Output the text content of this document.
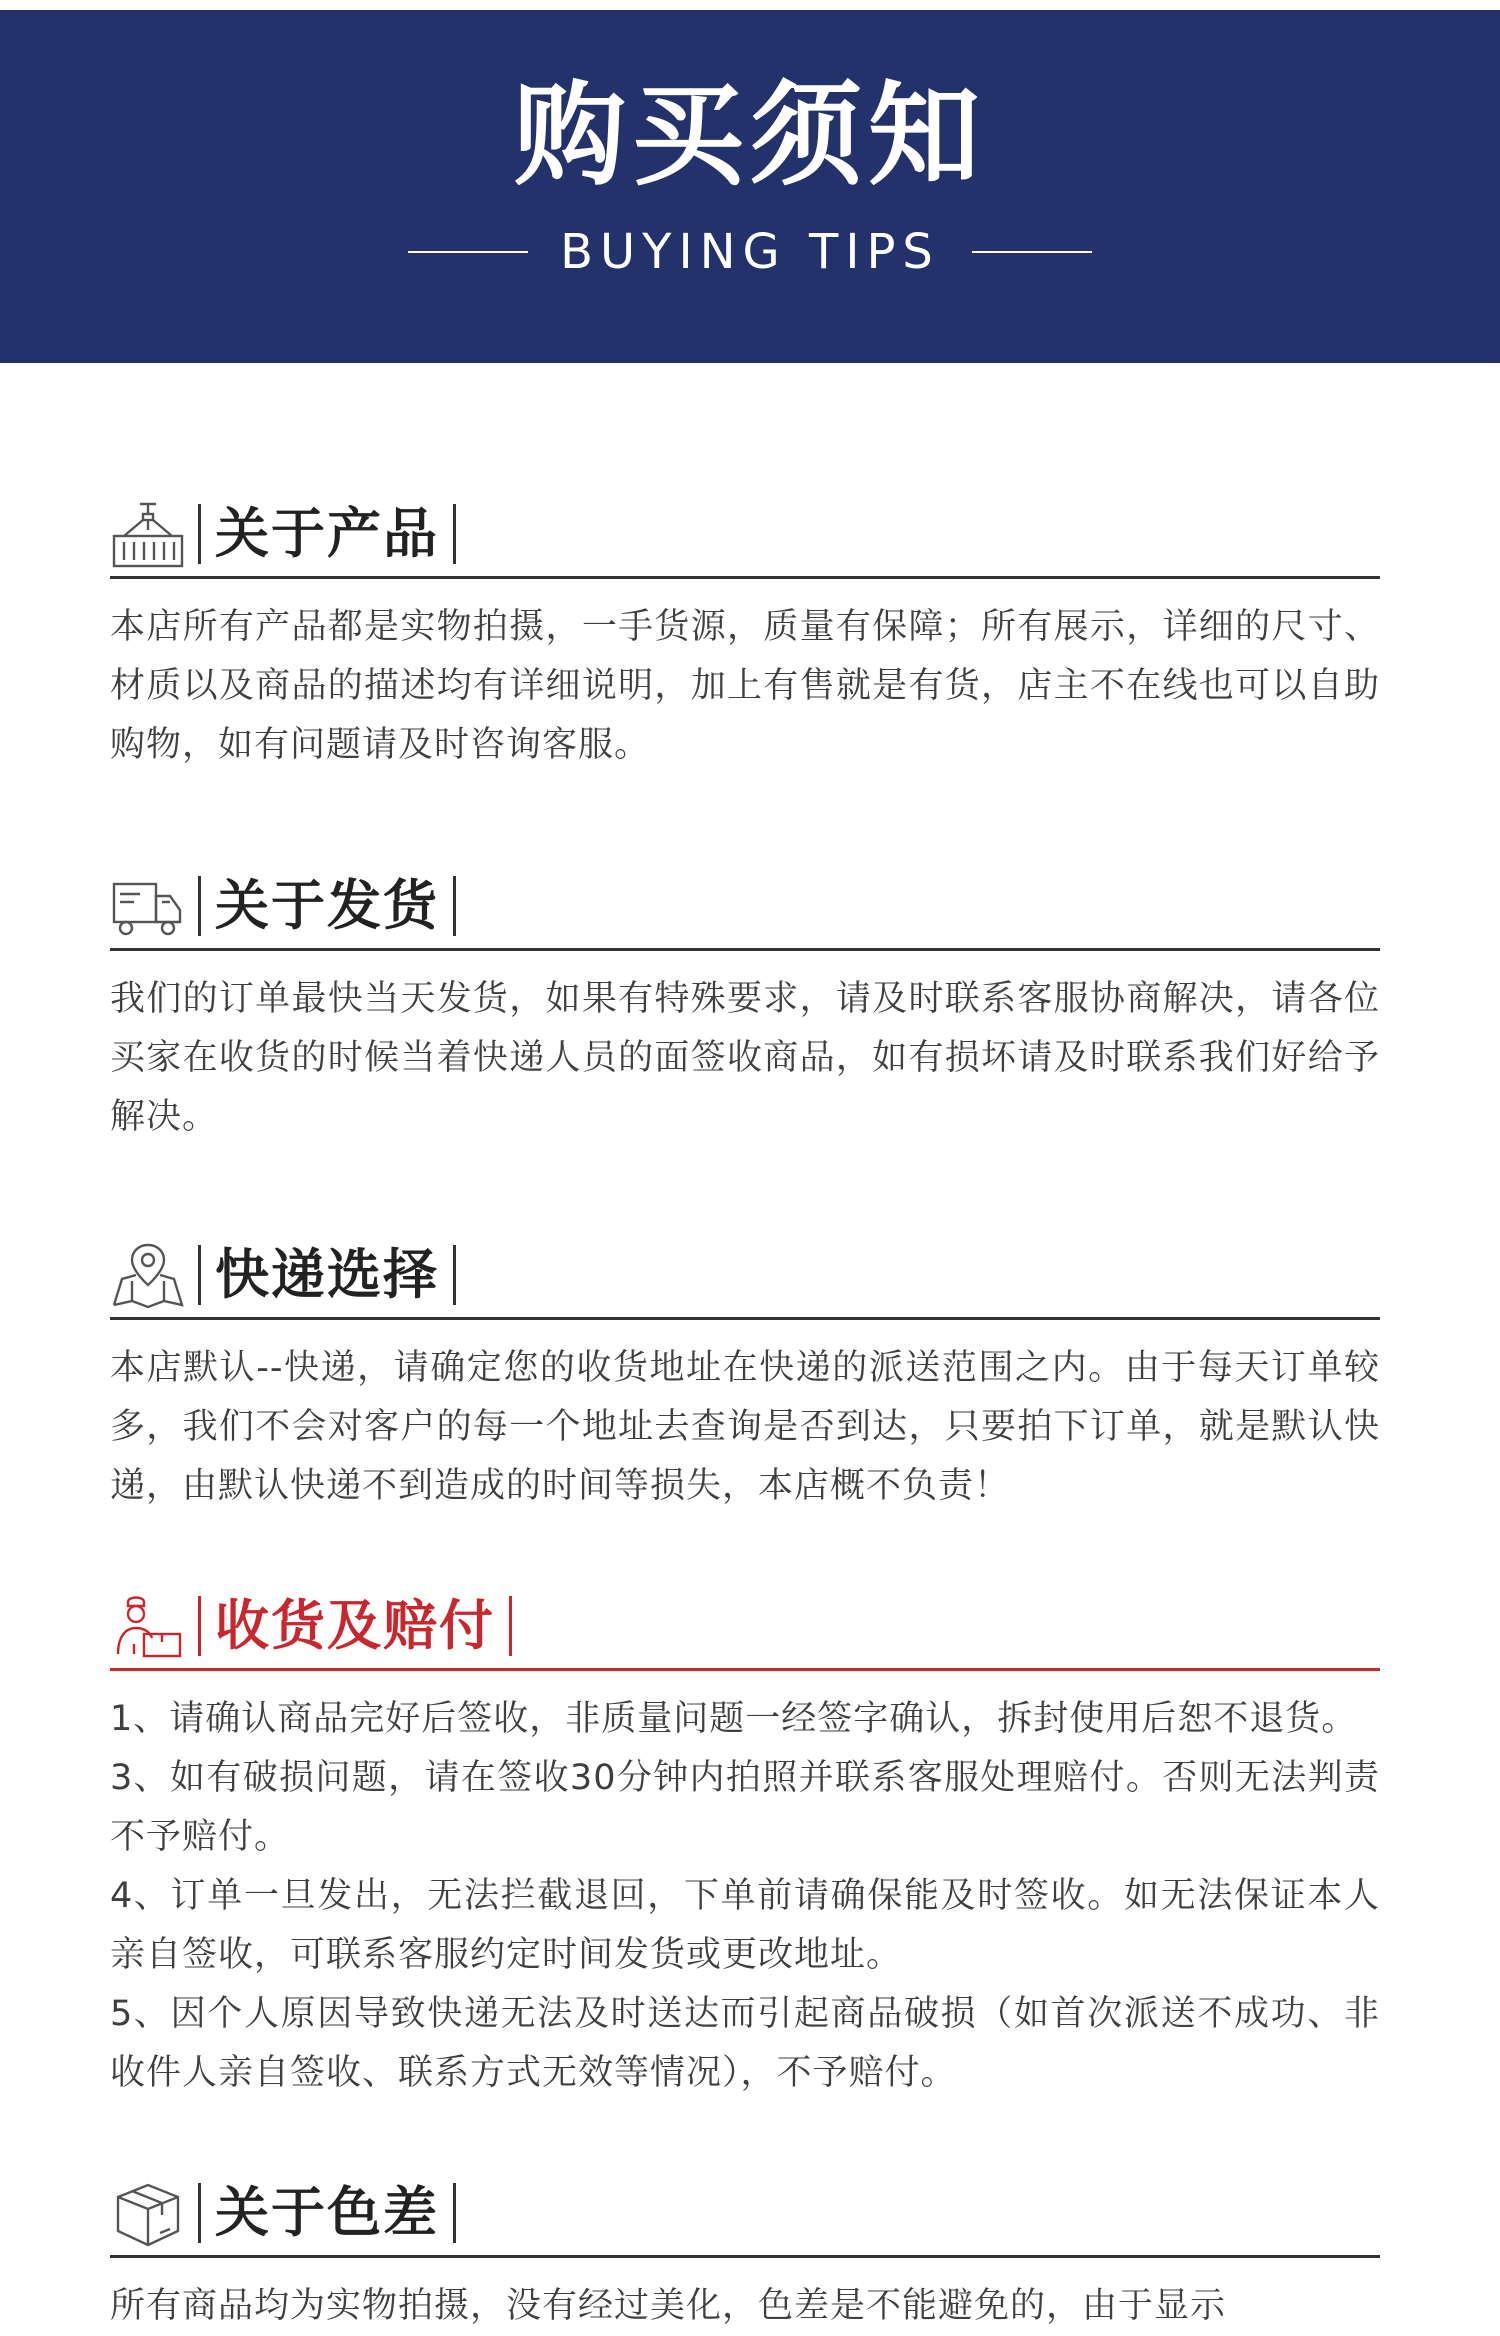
购买须知
BUYING TIPS
关于产品

本店所有产品都是实物拍摄，一手货源，质量有保障；所有展示，详细的尺寸、材质以及商品的描述均有详细说明，加上有售就是有货，店主不在线也可以自助购物，如有问题请及时咨询客服。

关于发货

我们的订单最快当天发货，如果有特殊要求，请及时联系客服协商解决，请各位买家在收货的时候当着快递人员的面签收商品，如有损坏请及时联系我们好给予解决。

快递选择

本店默认--快递，请确定您的收货地址在快递的派送范围之内。由于每天订单较多，我们不会对客户的每一个地址去查询是否到达，只要拍下订单，就是默认快递，由默认快递不到造成的时间等损失，本店概不负责！

收货及赔付

1、请确认商品完好后签收，非质量问题一经签字确认，拆封使用后恕不退货。

3、如有破损问题，请在签收30分钟内拍照并联系客服处理赔付。否则无法判责不予赔付。

4、订单一旦发出，无法拦截退回，下单前请确保能及时签收。如无法保证本人亲自签收，可联系客服约定时间发货或更改地址。

5、因个人原因导致快递无法及时送达而引起商品破损（如首次派送不成功、非收件人亲自签收、联系方式无效等情况），不予赔付。

关于色差

所有商品均为实物拍摄，没有经过美化，色差是不能避免的，由于显示
